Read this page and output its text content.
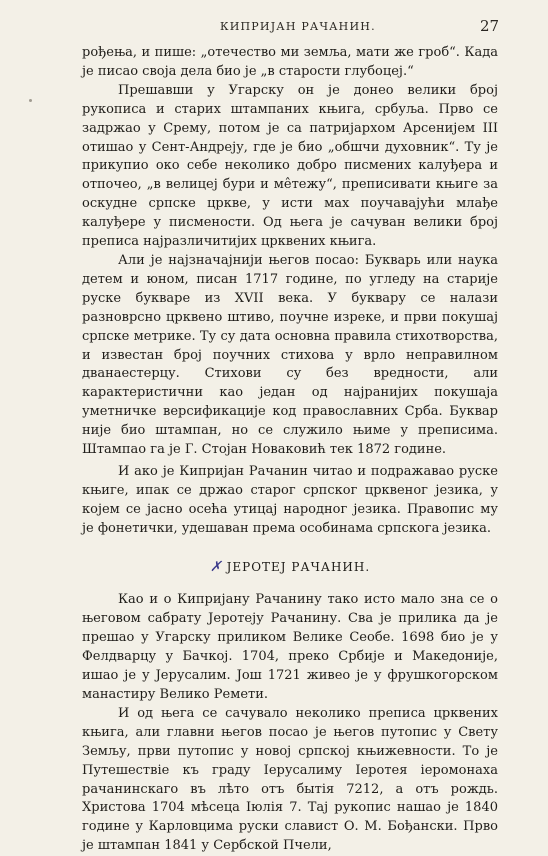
КИПРИЈАН РАЧАНИН.	27

рођења, и пише: „отечество ми земља, мати же гроб“. Када је писао своја дела био је „в старости глубоцеј.“

Прешавши у Угарску он је донео велики број рукописа и старих штампаних књига, србуља. Прво се задржао у Срему, потом је са патријархом Арсенијем III отишао у Сент-Андреју, где је био „обшчи духовник“. Ту је прикупио око себе неколико добро писмених калуђера и отпочео, „в велицеј бури и мêтежу“, преписивати књиге за оскудне српске цркве, у исти мах поучавајући млађе калуђере у писмености. Од њега је сачуван велики број преписа најразличитијих црквених књига.

Али је најзначајнији његов посао: Букварь или наука детем и юном, писан 1717 године, по угледу на старије руске букваре из XVII века. У буквару се налази разноврсно црквено штиво, поучне изреке, и први покушај српске метрике. Ту су дата основна правила стихотворства, и известан број поучних стихова у врло неправилном дванаестерцу. Стихови су без вредности, али карактеристични као један од најранијих покушаја уметничке версификације код православних Срба. Буквар није био штампан, но се служило њиме у преписима. Штампао га је Г. Стојан Новаковић тек 1872 године.

И ако је Кипријан Рачанин читао и подражавао руске књиге, ипак се држао старог српског црквеног језика, у којем се јасно осећа утицај народног језика. Правопис му је фонетички, удешаван према особинама српскога језика.

✗ ЈЕРОТЕЈ РАЧАНИН.

Као и о Кипријану Рачанину тако исто мало зна се о његовом сабрату Јеротеју Рачанину. Сва је прилика да је прешао у Угарску приликом Велике Сеобе. 1698 био је у Фелдварцу у Бачкој. 1704, преко Србије и Македоније, ишао је у Јерусалим. Још 1721 живео је у фрушкогорском манастиру Велико Ремети.

И од њега се сачувало неколико преписа црквених књига, али главни његов посао је његов путопис у Свету Земљу, први путопис у новој српској књижевности. То је Путешествіе къ граду Іерусалиму Іеротея іеромонаха рачанинскаго въ лѣто отъ бытія 7212, а отъ рождь. Христова 1704 мѣсеца Іюлія 7. Тај рукопис нашао је 1840 године у Карловцима руски славист О. М. Бођански. Прво је штампан 1841 у Сербской Пчели,
